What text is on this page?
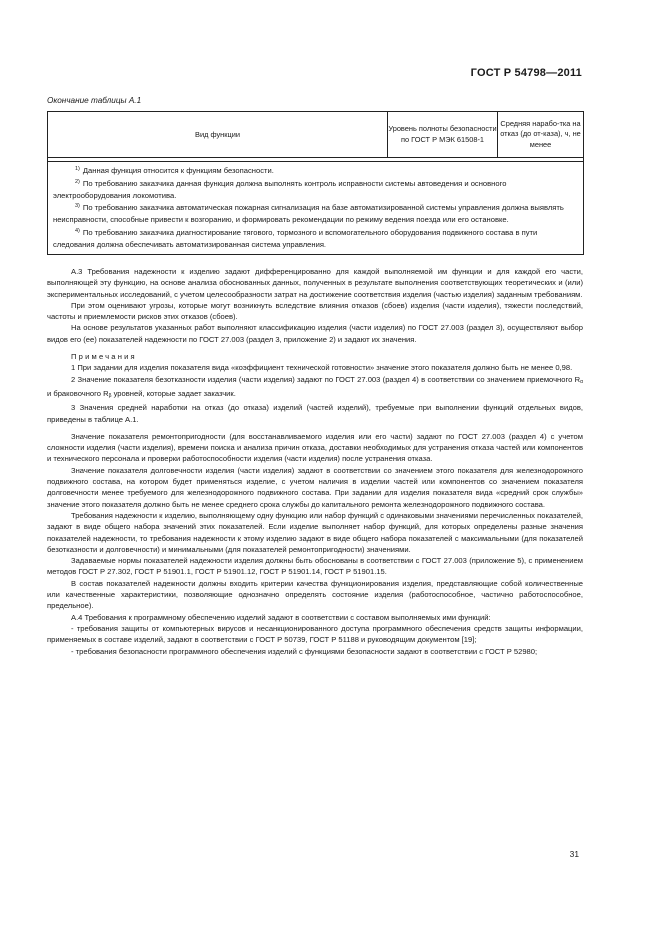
ГОСТ Р 54798—2011
Окончание таблицы А.1
Вид функции	Уровень полноты безопасности по ГОСТ Р МЭК 61508-1	Средняя нарабо-тка на отказ (до от-каза), ч, не менее

$^{1)}$ Данная функция относится к функциям безопасности.
$^{2)}$ По требованию заказчика данная функция должна выполнять контроль исправности системы автоведения и основного электрооборудования локомотива.
$^{3)}$ По требованию заказчика автоматическая пожарная сигнализация на базе автоматизированной системы управления должна выявлять неисправности, способные привести к возгоранию, и формировать рекомендации по режиму ведения поезда или его остановке.
$^{4)}$ По требованию заказчика диагностирование тягового, тормозного и вспомогательного оборудования подвижного состава в пути следования должна обеспечивать автоматизированная система управления.

А.3 Требования надежности к изделию задают дифференцированно для каждой выполняемой им функции и для каждой его части, выполняющей эту функцию, на основе анализа обоснованных данных, полученных в результате выполнения соответствующих теоретических и (или) экспериментальных исследований, с учетом целесообразности затрат на достижение соответствия изделия (частью изделия) заданным требованиям.

При этом оценивают угрозы, которые могут возникнуть вследствие влияния отказов (сбоев) изделия (части изделия), тяжести последствий, частоты и приемлемости рисков этих отказов (сбоев).

На основе результатов указанных работ выполняют классификацию изделия (части изделия) по ГОСТ 27.003 (раздел 3), осуществляют выбор видов его (ее) показателей надежности по ГОСТ 27.003 (раздел 3, приложение 2) и задают их значения.

Примечания

1 При задании для изделия показателя вида «коэффициент технической готовности» значение этого показателя должно быть не менее 0,98.

2 Значение показателя безотказности изделия (части изделия) задают по ГОСТ 27.003 (раздел 4) в соответствии со значением приемочного $R_\alpha$ и браковочного $R_\beta$ уровней, которые задает заказчик.

3 Значения средней наработки на отказ (до отказа) изделий (частей изделий), требуемые при выполнении функций отдельных видов, приведены в таблице А.1.

Значение показателя ремонтопригодности (для восстанавливаемого изделия или его части) задают по ГОСТ 27.003 (раздел 4) с учетом сложности изделия (части изделия), времени поиска и анализа причин отказа, доставки необходимых для устранения отказа частей или компонентов и технического персонала и проверки работоспособности изделия (части изделия) после устранения отказа.

Значение показателя долговечности изделия (части изделия) задают в соответствии со значением этого показателя для железнодорожного подвижного состава, на котором будет применяться изделие, с учетом наличия в изделии частей или компонентов со значением показателя долговечности менее требуемого для железнодорожного подвижного состава. При задании для изделия показателя вида «средний срок службы» значение этого показателя должно быть не менее среднего срока службы до капитального ремонта железнодорожного подвижного состава.

Требования надежности к изделию, выполняющему одну функцию или набор функций с одинаковыми значениями перечисленных показателей, задают в виде общего набора значений этих показателей. Если изделие выполняет набор функций, для которых определены разные значения показателей надежности, то требования надежности к этому изделию задают в виде общего набора показателей с максимальными (для показателей безотказности и долговечности) и минимальными (для показателей ремонтопригодности) значениями.

Задаваемые нормы показателей надежности изделия должны быть обоснованы в соответствии с ГОСТ 27.003 (приложение 5), с применением методов ГОСТ Р 27.302, ГОСТ Р 51901.1, ГОСТ Р 51901.12, ГОСТ Р 51901.14, ГОСТ Р 51901.15.

В состав показателей надежности должны входить критерии качества функционирования изделия, представляющие собой количественные или качественные характеристики, позволяющие однозначно определять состояние изделия (работоспособное, частично работоспособное, предельное).

А.4 Требования к программному обеспечению изделий задают в соответствии с составом выполняемых ими функций:

- требования защиты от компьютерных вирусов и несанкционированного доступа программного обеспечения средств защиты информации, применяемых в составе изделий, задают в соответствии с ГОСТ Р 50739, ГОСТ Р 51188 и руководящим документом [19];

- требования безопасности программного обеспечения изделий с функциями безопасности задают в соответствии с ГОСТ Р 52980;

31
